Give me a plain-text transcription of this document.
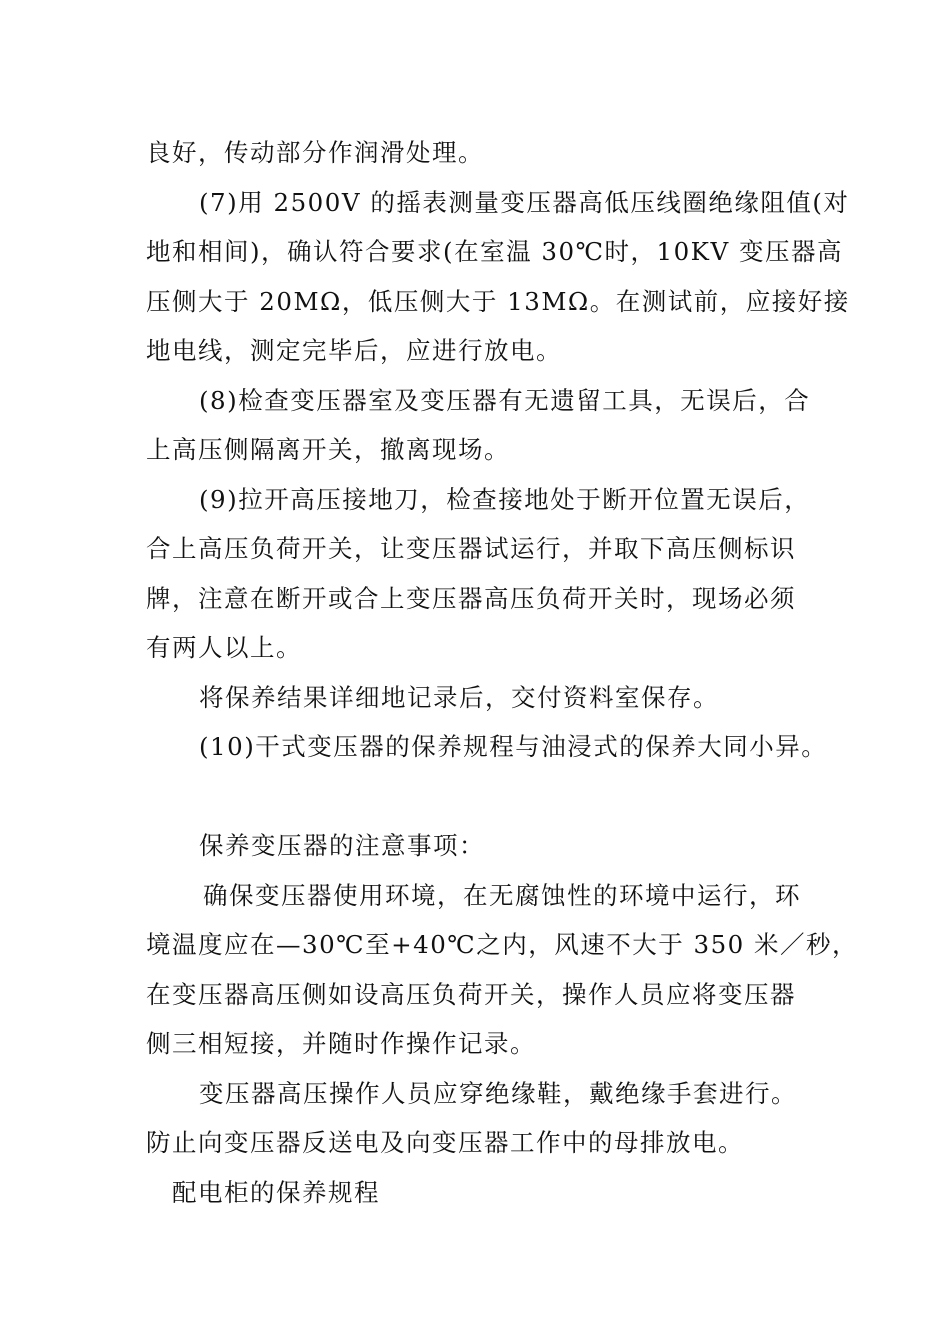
良好，传动部分作润滑处理。
(7)用 2500V 的摇表测量变压器高低压线圈绝缘阻值(对
地和相间)，确认符合要求(在室温 30℃时，10KV 变压器高
压侧大于 20MΩ，低压侧大于 13MΩ。在测试前，应接好接
地电线，测定完毕后，应进行放电。
(8)检查变压器室及变压器有无遗留工具，无误后，合
上高压侧隔离开关，撤离现场。
(9)拉开高压接地刀，检查接地处于断开位置无误后，
合上高压负荷开关，让变压器试运行，并取下高压侧标识
牌，注意在断开或合上变压器高压负荷开关时，现场必须
有两人以上。
将保养结果详细地记录后，交付资料室保存。
(10)干式变压器的保养规程与油浸式的保养大同小异。
保养变压器的注意事项：
确保变压器使用环境，在无腐蚀性的环境中运行，环
境温度应在—30℃至+40℃之内，风速不大于 350 米／秒，
在变压器高压侧如设高压负荷开关，操作人员应将变压器
侧三相短接，并随时作操作记录。
变压器高压操作人员应穿绝缘鞋，戴绝缘手套进行。
防止向变压器反送电及向变压器工作中的母排放电。
配电柜的保养规程
